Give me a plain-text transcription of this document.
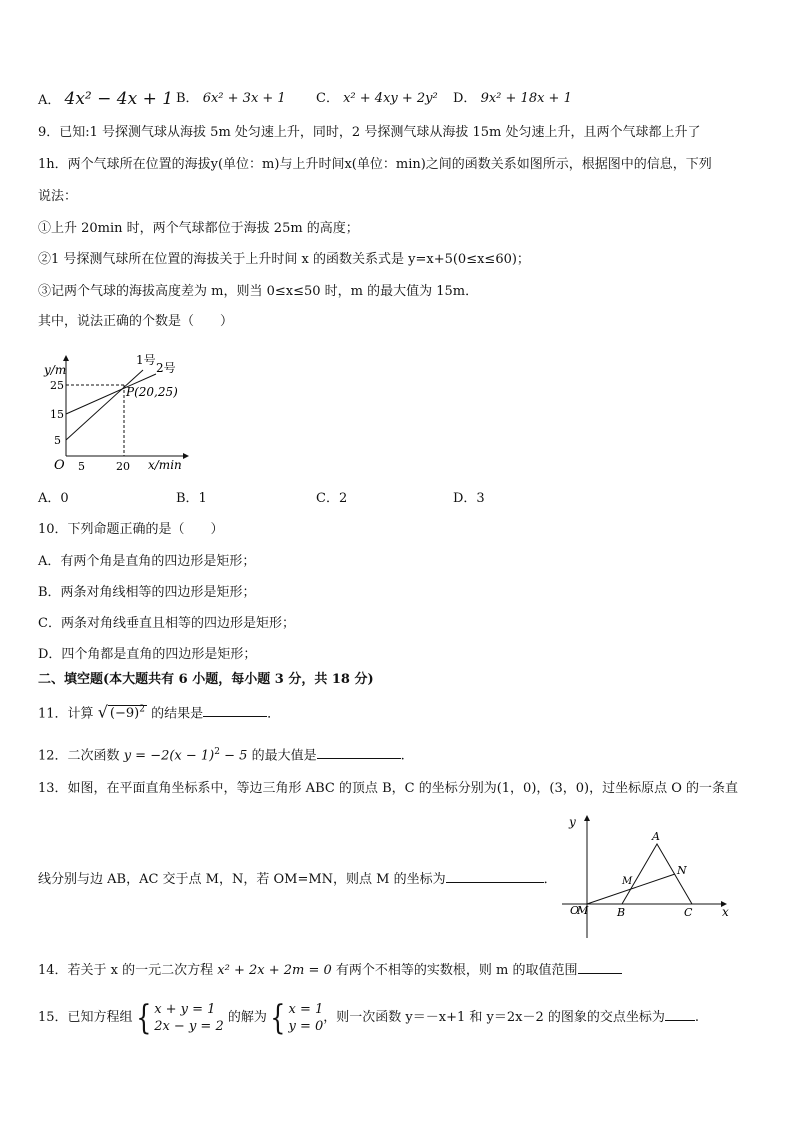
A． 4x² − 4x + 1 B． 6x² + 3x + 1 C． x² + 4xy + 2y² D． 9x² + 18x + 1
9．已知:1 号探测气球从海拔 5m 处匀速上升，同时，2 号探测气球从海拔 15m 处匀速上升，且两个气球都上升了
1h．两个气球所在位置的海拔y(单位：m)与上升时间x(单位：min)之间的函数关系如图所示，根据图中的信息，下列
说法：
①上升 20min 时，两个气球都位于海拔 25m 的高度；
②1 号探测气球所在位置的海拔关于上升时间 x 的函数关系式是 y=x+5(0≤x≤60)；
③记两个气球的海拔高度差为 m，则当 0≤x≤50 时，m 的最大值为 15m．
其中，说法正确的个数是（　　）
y/m
1号
2号
P(20,25)
25
15
5
O 5	20 x/min
A．0	B．1	C．2	D．3
10．下列命题正确的是（　　）
A．有两个角是直角的四边形是矩形；
B．两条对角线相等的四边形是矩形；
C．两条对角线垂直且相等的四边形是矩形；
D．四个角都是直角的四边形是矩形；
二、填空题(本大题共有 6 小题，每小题 3 分，共 18 分)
11．计算 √ $(-9)^2$ 的结果是	．
12．二次函数 $y = -2(x - 1)^2 - 5$ 的最大值是	.
13．如图，在平面直角坐标系中，等边三角形 ABC 的顶点 B，C 的坐标分别为(1，0)，(3，0)，过坐标原点 O 的一条直
线分别与边 AB，AC 交于点 M，N，若 OM=MN，则点 M 的坐标为	．
y
x
O
M
A
M
N
B	C
14．若关于 x 的一元二次方程 x² + 2x + 2m = 0 有两个不相等的实数根，则 m 的取值范围
15．已知方程组{ x + y = 1
2x − y = 2 的解为{ x = 1
y = 0，则一次函数 y＝－x+1 和 y＝2x－2 的图象的交点坐标为 .
